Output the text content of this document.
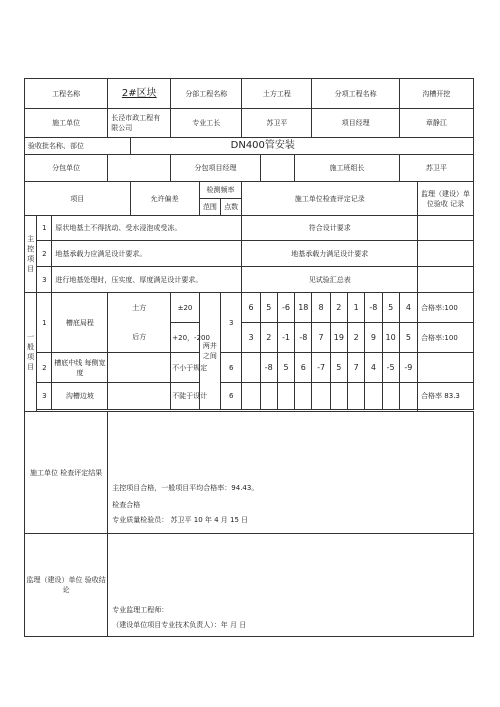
工程名称			2#区块		分部工程名称			土方工程				分项工程名称					沟槽开挖	
施工单位			长泾市政工程有 限公司		专业工长			苏卫平				项目经理					章静江	
验收批名称、部位				DN400管安装														
分包单位					分包项目经理						施工班组长						苏卫平	
项目				允许偏差		检测频率		施工单位检查评定记录										监理（建设）单位验收 记录
						范围	点数											
主控项目	1	原状地基土不得扰动、受水浸泡或受冻。						符合设计要求										
	2	地基承载力应满足设计要求。						地基承载力满足设计要求										
	3	进行地基处理时，压实度、厚度满足设计要求。						见试验汇总表										
一般项目	1	槽底局程	土方		±20	两井之间	3	6	5	-6	18	8	2	1	-8	5	4	合格率:100
			后方		+20，-200			3	2	-1	-8	7	19	2	9	10	5	合格率:100
	2	槽底中线 每侧宽度			不小于规定		6		-8	5	6	-7	5	7	4	-5	-9	
	3	沟槽边坡			不陡于设计		6											合格率 83.3

施工单位 检查评定结果			主控项目合格，一般项目平均合格率：94.43。
检查合格
专业质量检验员： 苏卫平 10 年 4 月 15 日															

监理（建设）单位 验收结论			专业监理工程师：
（建设单位项目专业技术负责人）：年 月 日															
